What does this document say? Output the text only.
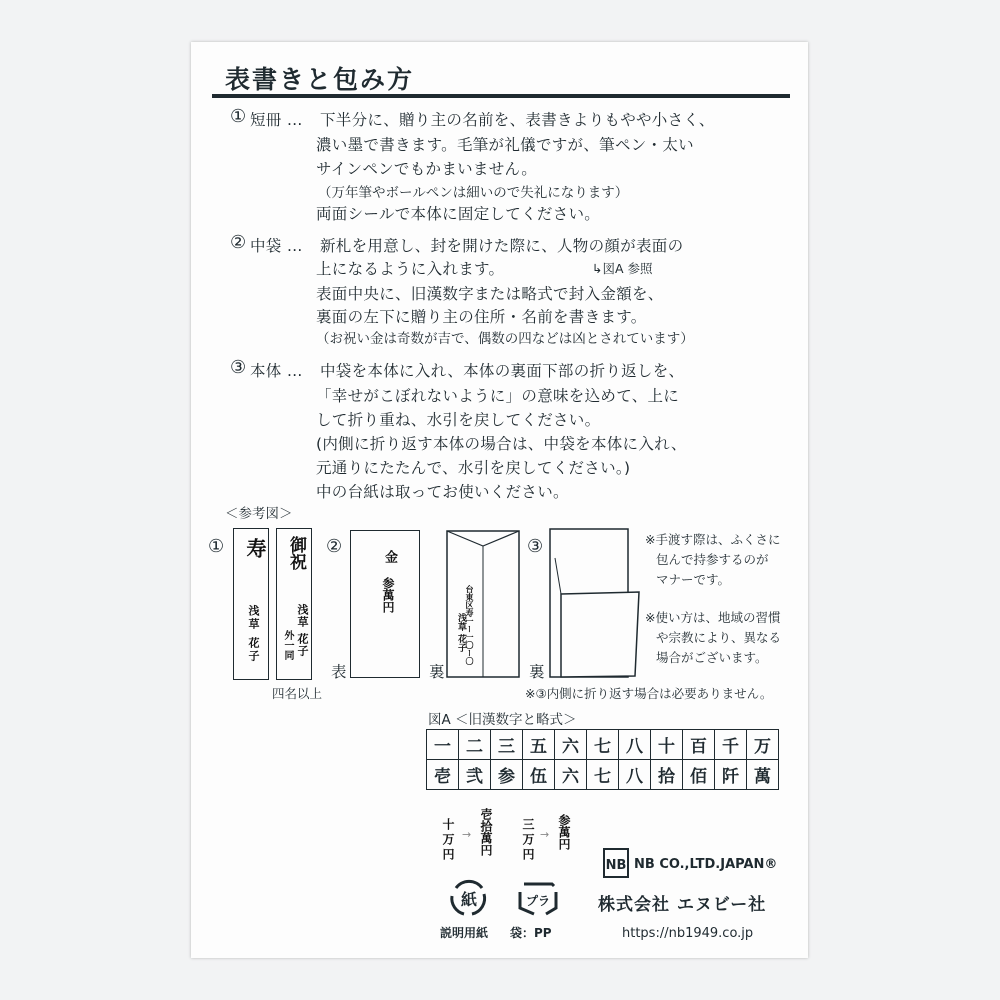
表書きと包み方
① 短冊 … 下半分に、贈り主の名前を、表書きよりもやや小さく、
濃い墨で書きます。毛筆が礼儀ですが、筆ペン・太い
サインペンでもかまいません。
（万年筆やボールペンは細いので失礼になります）
両面シールで本体に固定してください。
② 中袋 … 新札を用意し、封を開けた際に、人物の顔が表面の
上になるように入れます。	↳図A 参照
表面中央に、旧漢数字または略式で封入金額を、
裏面の左下に贈り主の住所・名前を書きます。
（お祝い金は奇数が吉で、偶数の四などは凶とされています）
③ 本体 … 中袋を本体に入れ、本体の裏面下部の折り返しを、
「幸せがこぼれないように」の意味を込めて、上に
して折り重ね、水引を戻してください。
(内側に折り返す本体の場合は、中袋を本体に入れ、
元通りにたたんで、水引を戻してください。)
中の台紙は取ってお使いください。
＜参考図＞
① 寿
浅草 花子
御祝
浅草 花子
外一同
四名以上
②	金
参萬円
表
台東区寿一ー一〇ー〇
浅草 花子
裏
③
裏
※手渡す際は、ふくさに
包んで持参するのが
マナーです。
※使い方は、地域の習慣
や宗教により、異なる
場合がございます。
※③内側に折り返す場合は必要ありません。
図A ＜旧漢数字と略式＞
一	二	三	五	六	七	八	十	百	千	万
壱	弐	参	伍	六	七	八	拾	佰	阡	萬
十万円 → 壱拾萬円 三万円 → 参萬円
紙	プラ
説明用紙 袋：PP
NB NB CO.,LTD.JAPAN®
株式会社 エヌビー社
https://nb1949.co.jp
